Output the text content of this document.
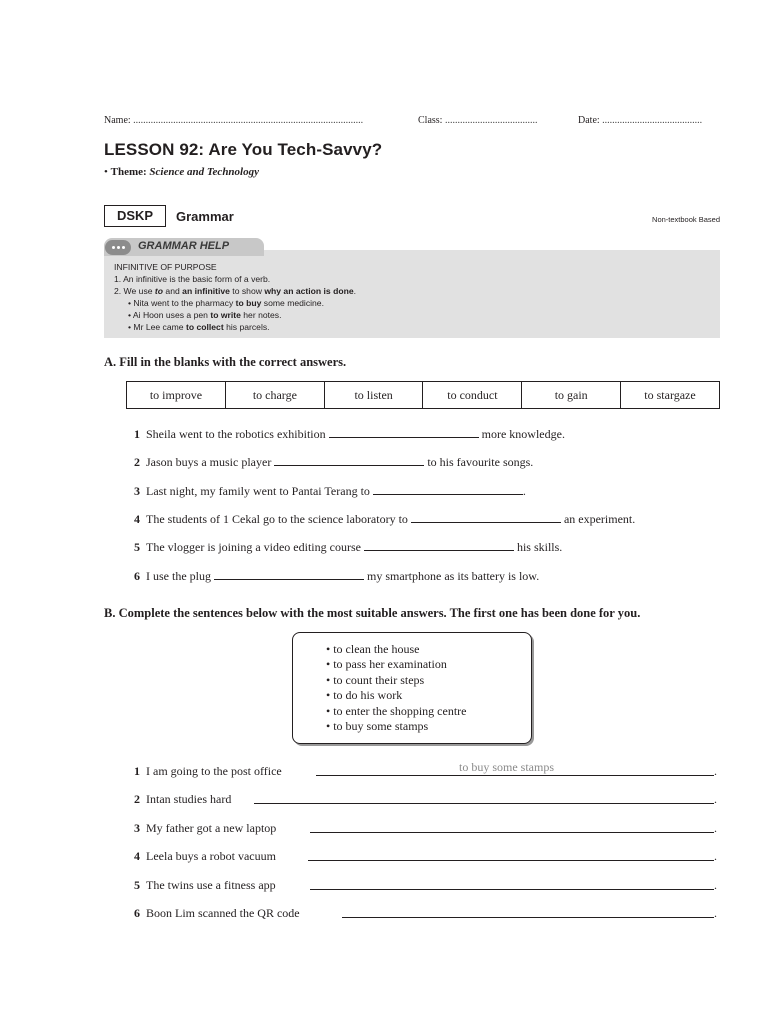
Name: ............................................................................................	Class: .....................................	Date: ........................................
LESSON 92: Are You Tech-Savvy?
• Theme: Science and Technology
DSKP	Grammar	Non-textbook Based
GRAMMAR HELP
INFINITIVE OF PURPOSE
1. An infinitive is the basic form of a verb.
2. We use to and an infinitive to show why an action is done.
• Nita went to the pharmacy to buy some medicine.
• Ai Hoon uses a pen to write her notes.
• Mr Lee came to collect his parcels.
A. Fill in the blanks with the correct answers.
to improve	to charge	to listen	to conduct	to gain	to stargaze
1 Sheila went to the robotics exhibition	more knowledge.
2 Jason buys a music player	to his favourite songs.
3 Last night, my family went to Pantai Terang to	.
4 The students of 1 Cekal go to the science laboratory to	an experiment.
5 The vlogger is joining a video editing course	his skills.
6 I use the plug	my smartphone as its battery is low.
B. Complete the sentences below with the most suitable answers. The first one has been done for you.
• to clean the house
• to pass her examination
• to count their steps
• to do his work
• to enter the shopping centre
• to buy some stamps
1 I am going to the post office	to buy some stamps	.
2 Intan studies hard	.
3 My father got a new laptop	.
4 Leela buys a robot vacuum	.
5 The twins use a fitness app	.
6 Boon Lim scanned the QR code	.
